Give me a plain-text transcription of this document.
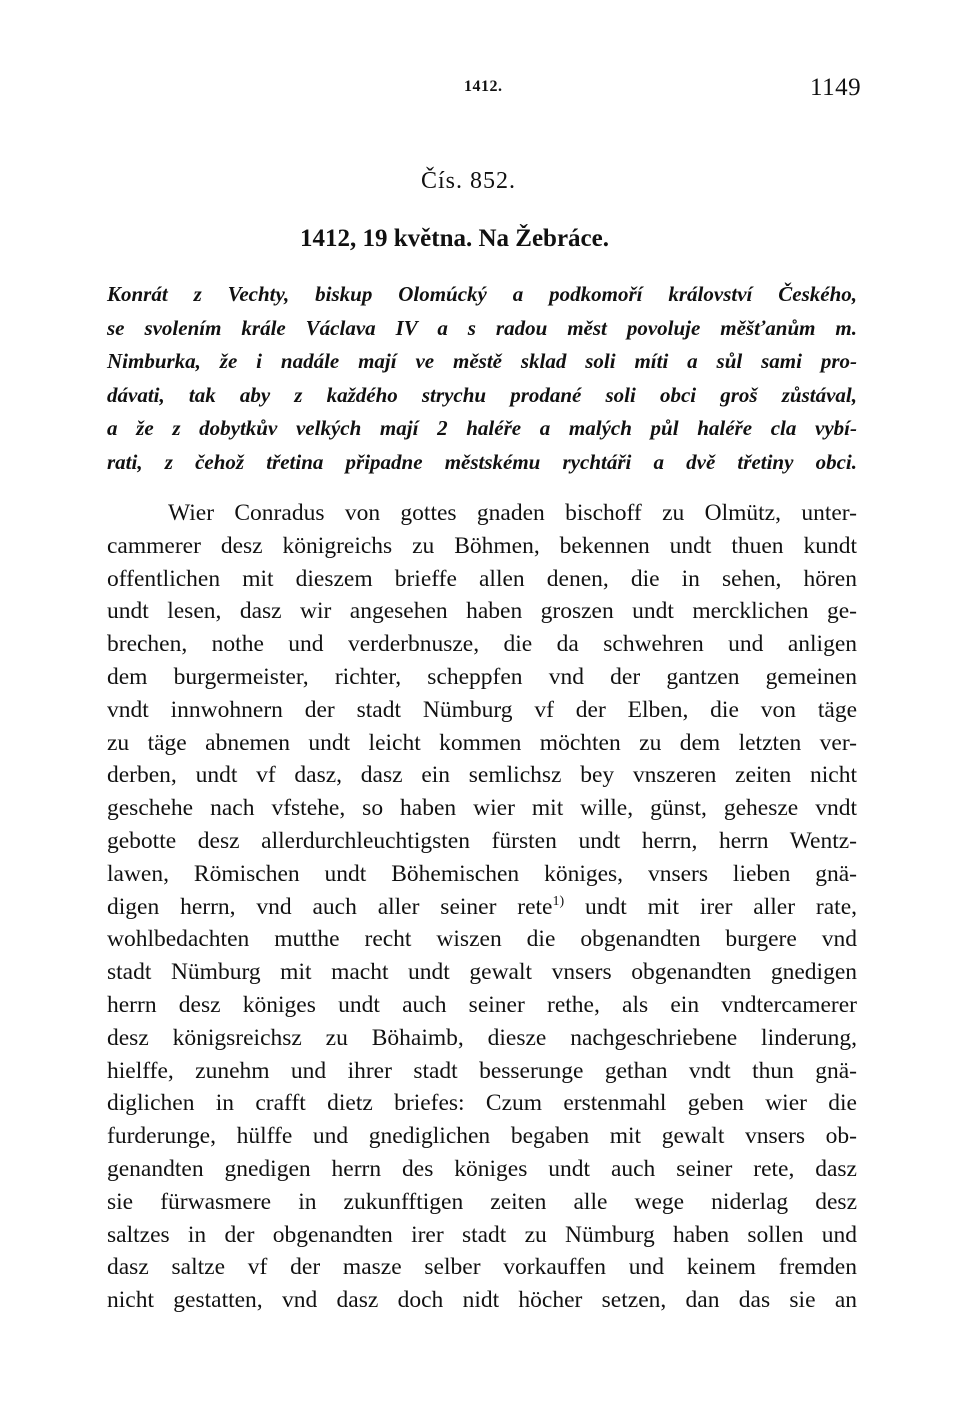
1412.	1149
Čís. 852.
1412, 19 května. Na Žebráce.
Konrát z Vechty, biskup Olomúcký a podkomoří království Českého,
se svolením krále Václava IV a s radou měst povoluje měšťanům m.
Nimburka, že i nadále mají ve městě sklad soli míti a sůl sami pro-
dávati, tak aby z každého strychu prodané soli obci groš zůstával,
a že z dobytkův velkých mají 2 haléře a malých půl haléře cla vybí-
rati, z čehož třetina připadne městskému rychtáři a dvě třetiny obci.
Wier Conradus von gottes gnaden bischoff zu Olmütz, unter-
cammerer desz königreichs zu Böhmen, bekennen undt thuen kundt
offentlichen mit dieszem brieffe allen denen, die in sehen, hören
undt lesen, dasz wir angesehen haben groszen undt mercklichen ge-
brechen, nothe und verderbnusze, die da schwehren und anligen
dem burgermeister, richter, scheppfen vnd der gantzen gemeinen
vndt innwohnern der stadt Nümburg vf der Elben, die von täge
zu täge abnemen undt leicht kommen möchten zu dem letzten ver-
derben, undt vf dasz, dasz ein semlichsz bey vnszeren zeiten nicht
geschehe nach vfstehe, so haben wier mit wille, günst, gehesze vndt
gebotte desz allerdurchleuchtigsten fürsten undt herrn, herrn Wentz-
lawen, Römischen undt Böhemischen königes, vnsers lieben gnä-
digen herrn, vnd auch aller seiner rete$^{1)}$ undt mit irer aller rate,
wohlbedachten mutthe recht wiszen die obgenandten burgere vnd
stadt Nümburg mit macht undt gewalt vnsers obgenandten gnedigen
herrn desz königes undt auch seiner rethe, als ein vndtercamerer
desz königsreichsz zu Böhaimb, diesze nachgeschriebene linderung,
hielffe, zunehm und ihrer stadt besserunge gethan vndt thun gnä-
diglichen in crafft dietz briefes: Czum erstenmahl geben wier die
furderunge, hülffe und gnediglichen begaben mit gewalt vnsers ob-
genandten gnedigen herrn des königes undt auch seiner rete, dasz
sie fürwasmere in zukunfftigen zeiten alle wege niderlag desz
saltzes in der obgenandten irer stadt zu Nümburg haben sollen und
dasz saltze vf der masze selber vorkauffen und keinem fremden
nicht gestatten, vnd dasz doch nidt höcher setzen, dan das sie an
